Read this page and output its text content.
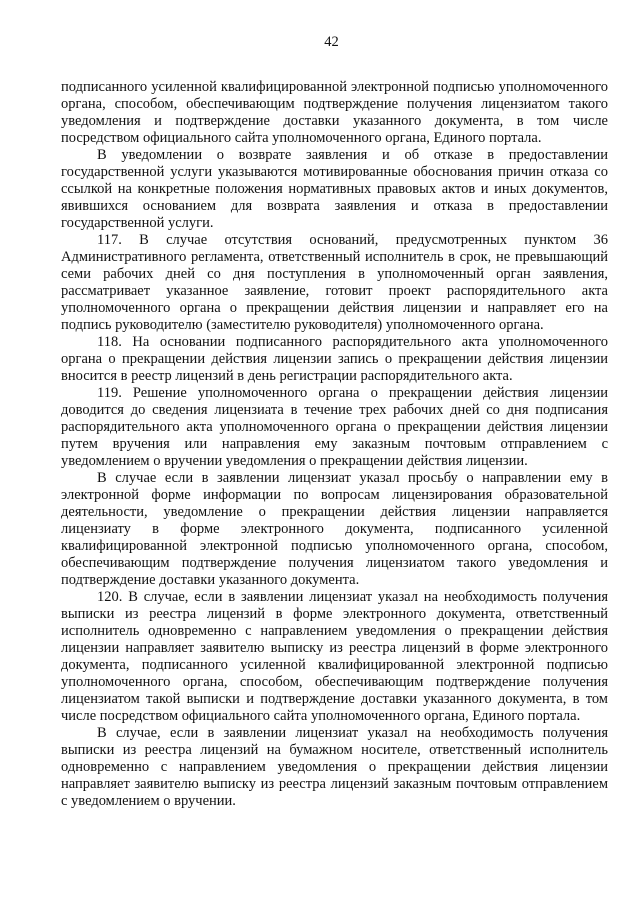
42

подписанного усиленной квалифицированной электронной подписью уполномоченного органа, способом, обеспечивающим подтверждение получения лицензиатом такого уведомления и подтверждение доставки указанного документа, в том числе посредством официального сайта уполномоченного органа, Единого портала.

В уведомлении о возврате заявления и об отказе в предоставлении государственной услуги указываются мотивированные обоснования причин отказа со ссылкой на конкретные положения нормативных правовых актов и иных документов, явившихся основанием для возврата заявления и отказа в предоставлении государственной услуги.

117. В случае отсутствия оснований, предусмотренных пунктом 36 Административного регламента, ответственный исполнитель в срок, не превышающий семи рабочих дней со дня поступления в уполномоченный орган заявления, рассматривает указанное заявление, готовит проект распорядительного акта уполномоченного органа о прекращении действия лицензии и направляет его на подпись руководителю (заместителю руководителя) уполномоченного органа.

118. На основании подписанного распорядительного акта уполномоченного органа о прекращении действия лицензии запись о прекращении действия лицензии вносится в реестр лицензий в день регистрации распорядительного акта.

119. Решение уполномоченного органа о прекращении действия лицензии доводится до сведения лицензиата в течение трех рабочих дней со дня подписания распорядительного акта уполномоченного органа о прекращении действия лицензии путем вручения или направления ему заказным почтовым отправлением с уведомлением о вручении уведомления о прекращении действия лицензии.

В случае если в заявлении лицензиат указал просьбу о направлении ему в электронной форме информации по вопросам лицензирования образовательной деятельности, уведомление о прекращении действия лицензии направляется лицензиату в форме электронного документа, подписанного усиленной квалифицированной электронной подписью уполномоченного органа, способом, обеспечивающим подтверждение получения лицензиатом такого уведомления и подтверждение доставки указанного документа.

120. В случае, если в заявлении лицензиат указал на необходимость получения выписки из реестра лицензий в форме электронного документа, ответственный исполнитель одновременно с направлением уведомления о прекращении действия лицензии направляет заявителю выписку из реестра лицензий в форме электронного документа, подписанного усиленной квалифицированной электронной подписью уполномоченного органа, способом, обеспечивающим подтверждение получения лицензиатом такой выписки и подтверждение доставки указанного документа, в том числе посредством официального сайта уполномоченного органа, Единого портала.

В случае, если в заявлении лицензиат указал на необходимость получения выписки из реестра лицензий на бумажном носителе, ответственный исполнитель одновременно с направлением уведомления о прекращении действия лицензии направляет заявителю выписку из реестра лицензий заказным почтовым отправлением с уведомлением о вручении.
